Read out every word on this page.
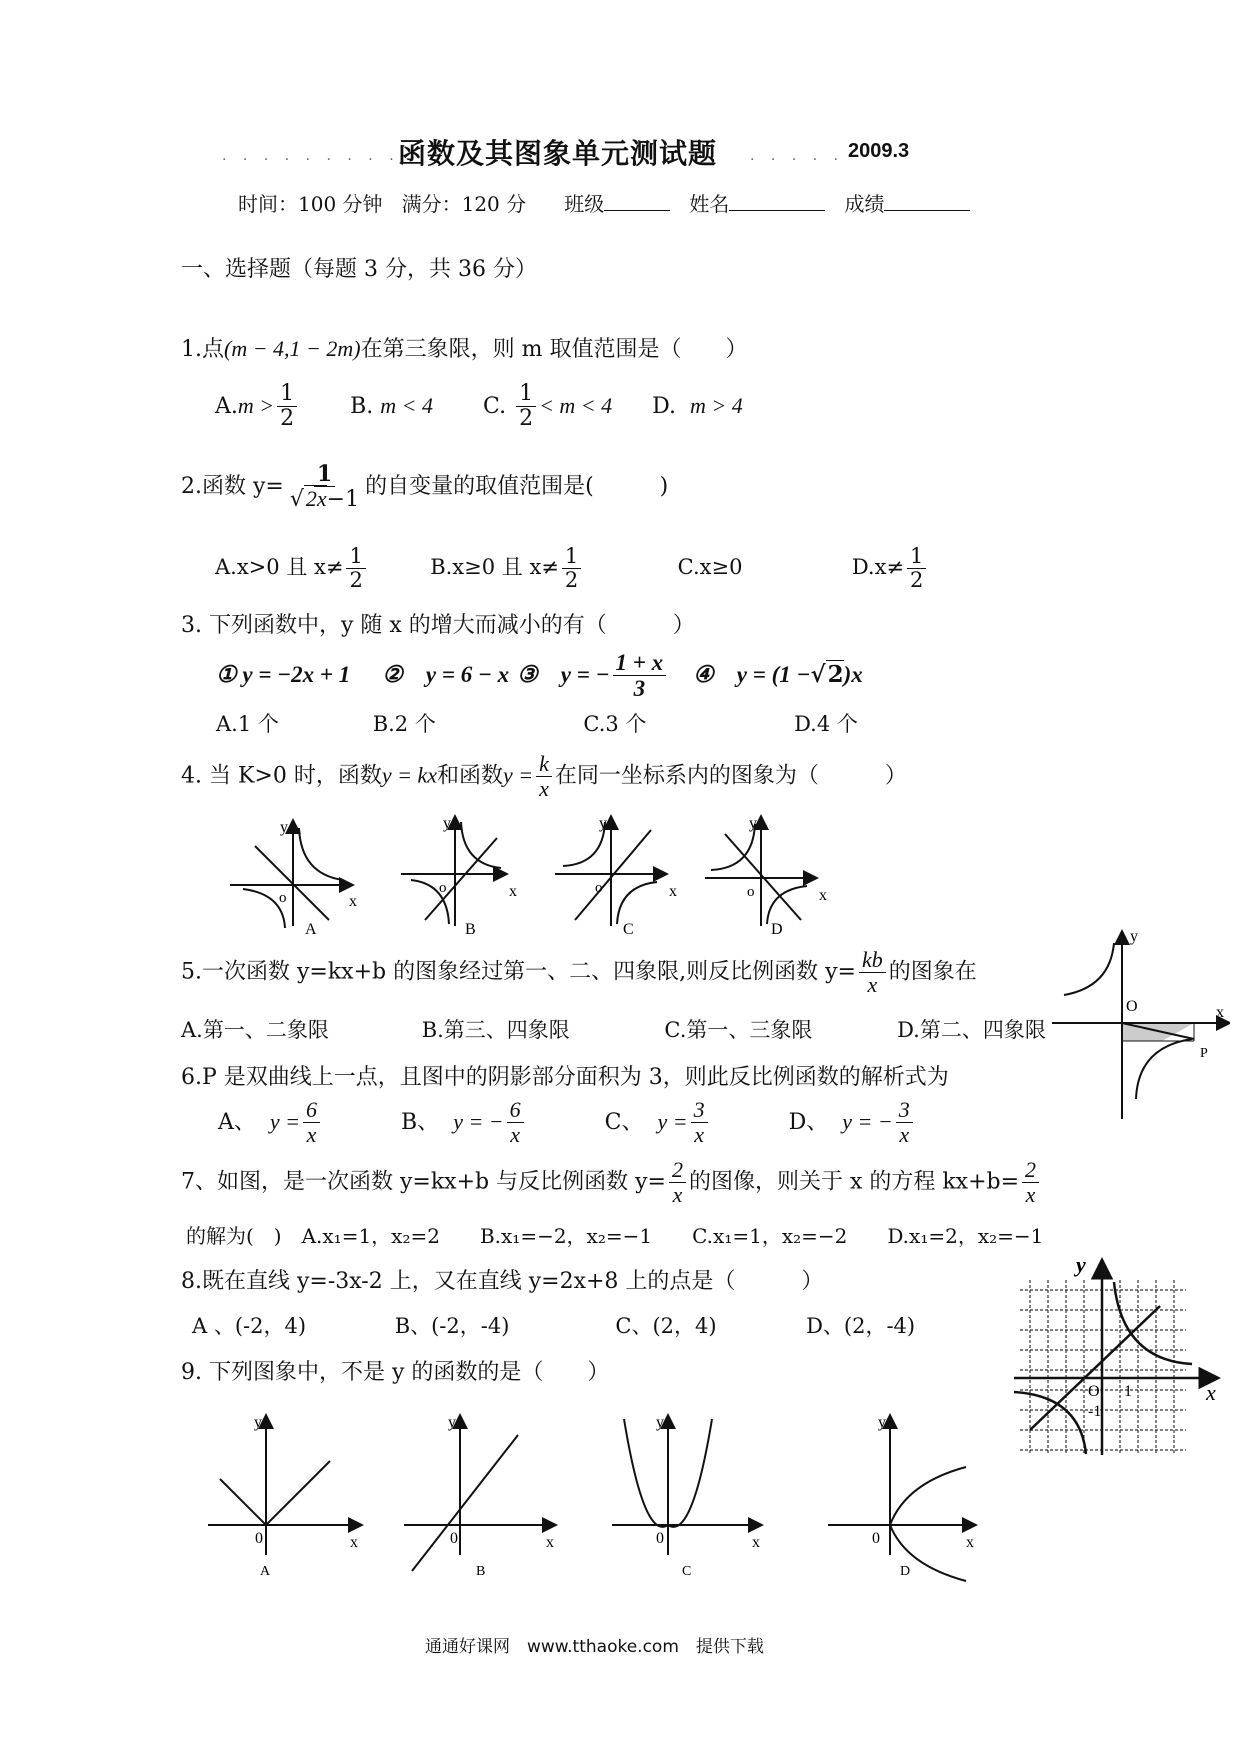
. . . . . . . . . .
函数及其图象单元测试题 . . . . . 2009.3
时间：100 分钟 满分：120 分 班级	姓名	成绩
一、选择题（每题 3 分，共 36 分）
1.点(m − 4,1 − 2m)在第三象限，则 m 取值范围是（　　）
$A.m > \frac{1}{2} B$. m < 4 C. $\frac{1}{2} < m < 4$ D. m > 4
2.函数 $y= \frac{1}{√2x-1}$ 的自变量的取值范围是(　　　)
A.x>0 且 $x\ne \frac{1}{2}$	B.x≥0 且 $x\ne \frac{1}{2}$	C.x≥0	$D.x\ne \frac{1}{2}$
3. 下列函数中，y 随 x 的增大而减小的有（　　　）
① y = −2x + 1 ②　y = 6 − x ③　y = − $\frac{1 + x}{3}$ ④　y = (1 −√2)x
A.1 个	B.2 个	C.3 个	D.4 个
4. 当 K>0 时，函数y = kx和函数$y = \frac{k}{x}$ 在同一坐标系内的图象为（　　　）
y
o	x
A
y
o	x
B
y
o	x
C
y
o	x
D
5.一次函数 y=kx+b 的图象经过第一、二、四象限,则反比例函数 $y= \frac{kb}{x}$ 的图象在
A.第一、二象限	B.第三、四象限	C.第一、三象限	D.第二、四象限
y
x
O
P
6.P 是双曲线上一点，且图中的阴影部分面积为 3，则此反比例函数的解析式为
A、 $y = \frac{6}{x}$	B、 y = − $\frac{6}{x}$	C、 $y = \frac{3}{x}$	D、 y = − $\frac{3}{x}$
7、如图，是一次函数 y=kx+b 与反比例函数 $y= \frac{2}{x}$ 的图像，则关于 x 的方程 $kx+b= \frac{2}{x}$
的解为(　)　A.x₁=1，x₂=2　　B.x₁=−2，x₂=−1　　C.x₁=1，x₂=−2　　D.x₁=2，x₂=−1
8.既在直线 y=-3x-2 上，又在直线 y=2x+8 上的点是（　　　）
A 、(-2，4)	B、(-2，-4)	C、(2，4)	D、(2，-4)
y
x
O 1
-1
9. 下列图象中，不是 y 的函数的是（　　）
y
0	x
A
y
0	x
B
y
0	x
C
y
0	x
D
通通好课网　www.tthaoke.com　提供下载
